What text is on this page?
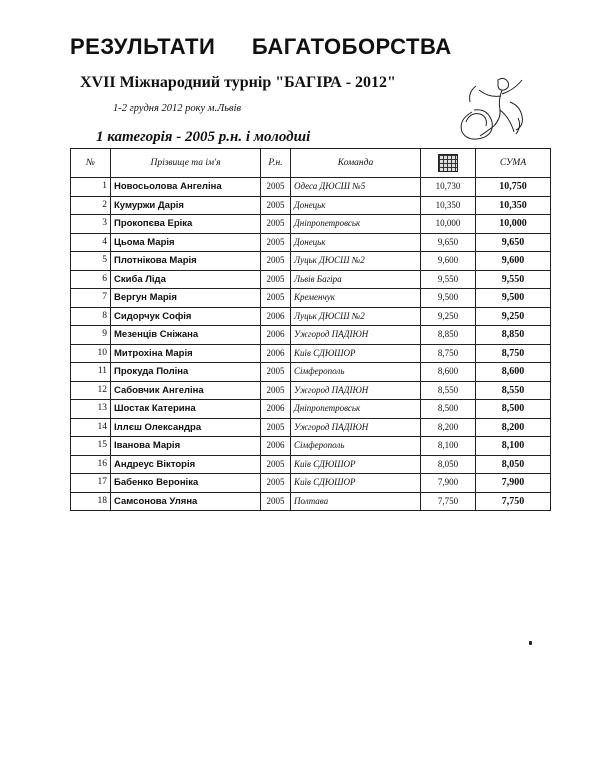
РЕЗУЛЬТАТИ БАГАТОБОРСТВА
XVII Міжнародний турнір "БАГІРА - 2012"
1-2 грудня 2012 року м.Львів
1 категорія - 2005 р.н. і молодші
№	Прізвище та ім'я	Р.н.	Команда		СУМА
1	Новосьолова Ангеліна	2005	Одеса ДЮСШ №5	10,730	10,750
2	Кумуржи Дарія	2005	Донецьк	10,350	10,350
3	Прокопєва Еріка	2005	Дніпропетровськ	10,000	10,000
4	Цьома Марія	2005	Донецьк	9,650	9,650
5	Плотнікова Марія	2005	Луцьк ДЮСШ №2	9,600	9,600
6	Скиба Ліда	2005	Львів Багіра	9,550	9,550
7	Вергун Марія	2005	Кременчук	9,500	9,500
8	Сидорчук Софія	2006	Луцьк ДЮСШ №2	9,250	9,250
9	Мезенців Сніжана	2006	Ужгород ПАДІЮН	8,850	8,850
10	Митрохіна Марія	2006	Київ СДЮШОР	8,750	8,750
11	Прокуда Поліна	2005	Сімферополь	8,600	8,600
12	Сабовчик Ангеліна	2005	Ужгород ПАДІЮН	8,550	8,550
13	Шостак Катерина	2006	Дніпропетровськ	8,500	8,500
14	Іллєш Олександра	2005	Ужгород ПАДІЮН	8,200	8,200
15	Іванова Марія	2006	Сімферополь	8,100	8,100
16	Андреус Вікторія	2005	Київ СДЮШОР	8,050	8,050
17	Бабенко Вероніка	2005	Київ СДЮШОР	7,900	7,900
18	Самсонова Уляна	2005	Полтава	7,750	7,750
